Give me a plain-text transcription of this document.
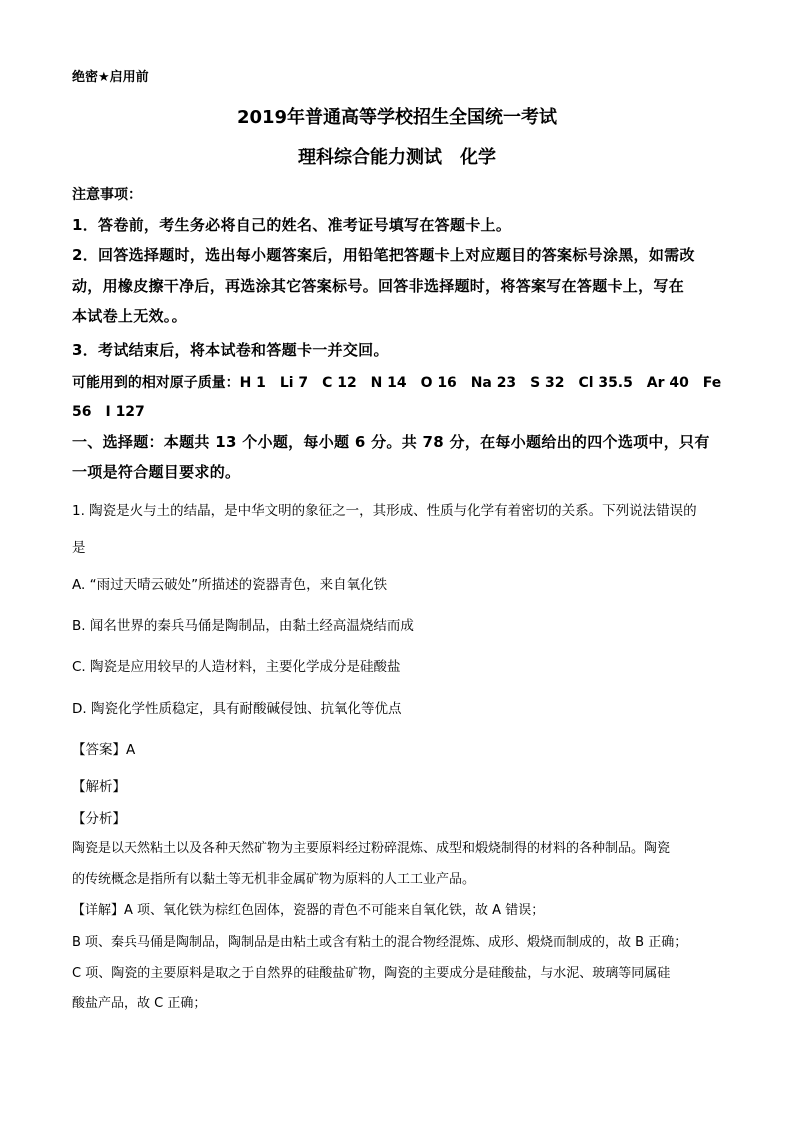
绝密★启用前
2019年普通高等学校招生全国统一考试
理科综合能力测试　化学
注意事项：
1．答卷前，考生务必将自己的姓名、准考证号填写在答题卡上。
2．回答选择题时，选出每小题答案后，用铅笔把答题卡上对应题目的答案标号涂黑，如需改
动，用橡皮擦干净后，再选涂其它答案标号。回答非选择题时，将答案写在答题卡上，写在
本试卷上无效。。
3．考试结束后，将本试卷和答题卡一并交回。
可能用到的相对原子质量：H 1　Li 7　C 12　N 14　O 16　Na 23　S 32　Cl 35.5　Ar 40　Fe
56　I 127
一、选择题：本题共 13 个小题，每小题 6 分。共 78 分，在每小题给出的四个选项中，只有
一项是符合题目要求的。
1. 陶瓷是火与土的结晶，是中华文明的象征之一，其形成、性质与化学有着密切的关系。下列说法错误的
是
A. “雨过天晴云破处”所描述的瓷器青色，来自氧化铁
B. 闻名世界的秦兵马俑是陶制品，由黏土经高温烧结而成
C. 陶瓷是应用较早的人造材料，主要化学成分是硅酸盐
D. 陶瓷化学性质稳定，具有耐酸碱侵蚀、抗氧化等优点
【答案】A
【解析】
【分析】
陶瓷是以天然粘土以及各种天然矿物为主要原料经过粉碎混炼、成型和煅烧制得的材料的各种制品。陶瓷
的传统概念是指所有以黏土等无机非金属矿物为原料的人工工业产品。
【详解】A 项、氧化铁为棕红色固体，瓷器的青色不可能来自氧化铁，故 A 错误；
B 项、秦兵马俑是陶制品，陶制品是由粘土或含有粘土的混合物经混炼、成形、煅烧而制成的，故 B 正确；
C 项、陶瓷的主要原料是取之于自然界的硅酸盐矿物，陶瓷的主要成分是硅酸盐，与水泥、玻璃等同属硅
酸盐产品，故 C 正确；
